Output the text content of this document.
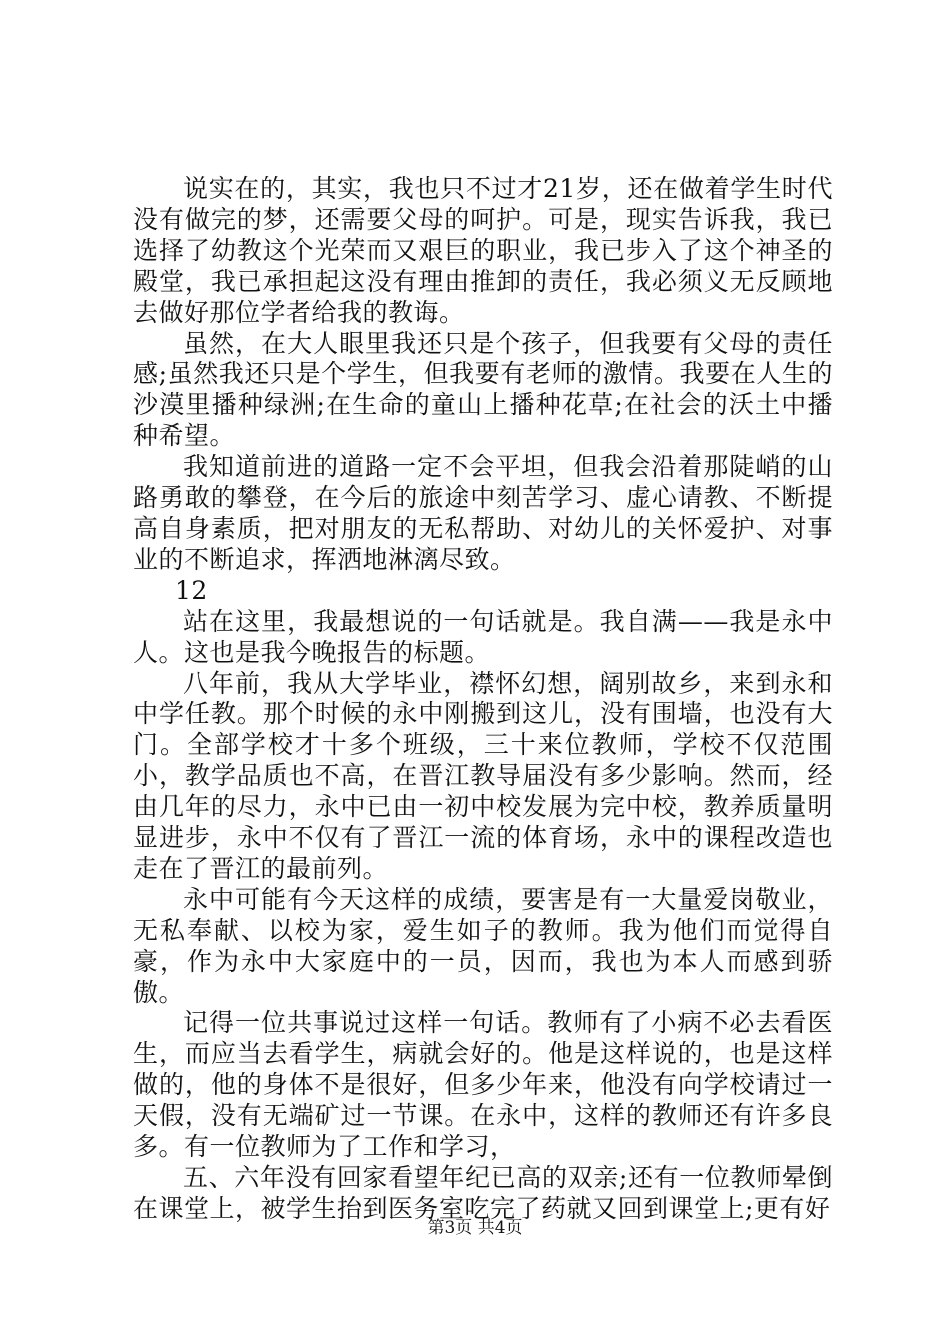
说实在的，其实，我也只不过才21岁，还在做着学生时代没有做完的梦，还需要父母的呵护。可是，现实告诉我，我已选择了幼教这个光荣而又艰巨的职业，我已步入了这个神圣的殿堂，我已承担起这没有理由推卸的责任，我必须义无反顾地去做好那位学者给我的教诲。

虽然，在大人眼里我还只是个孩子，但我要有父母的责任感;虽然我还只是个学生，但我要有老师的激情。我要在人生的沙漠里播种绿洲;在生命的童山上播种花草;在社会的沃土中播种希望。

我知道前进的道路一定不会平坦，但我会沿着那陡峭的山路勇敢的攀登，在今后的旅途中刻苦学习、虚心请教、不断提高自身素质，把对朋友的无私帮助、对幼儿的关怀爱护、对事业的不断追求，挥洒地淋漓尽致。

12

站在这里，我最想说的一句话就是。我自满——我是永中人。这也是我今晚报告的标题。

八年前，我从大学毕业，襟怀幻想，阔别故乡，来到永和中学任教。那个时候的永中刚搬到这儿，没有围墙，也没有大门。全部学校才十多个班级，三十来位教师，学校不仅范围小，教学品质也不高，在晋江教导届没有多少影响。然而，经由几年的尽力，永中已由一初中校发展为完中校，教养质量明显进步，永中不仅有了晋江一流的体育场，永中的课程改造也走在了晋江的最前列。

永中可能有今天这样的成绩，要害是有一大量爱岗敬业，无私奉献、以校为家，爱生如子的教师。我为他们而觉得自豪，作为永中大家庭中的一员，因而，我也为本人而感到骄傲。

记得一位共事说过这样一句话。教师有了小病不必去看医生，而应当去看学生，病就会好的。他是这样说的，也是这样做的，他的身体不是很好，但多少年来，他没有向学校请过一天假，没有无端矿过一节课。在永中，这样的教师还有许多良多。有一位教师为了工作和学习，

五、六年没有回家看望年纪已高的双亲;还有一位教师晕倒在课堂上，被学生抬到医务室吃完了药就又回到课堂上;更有好

第3页 共4页
